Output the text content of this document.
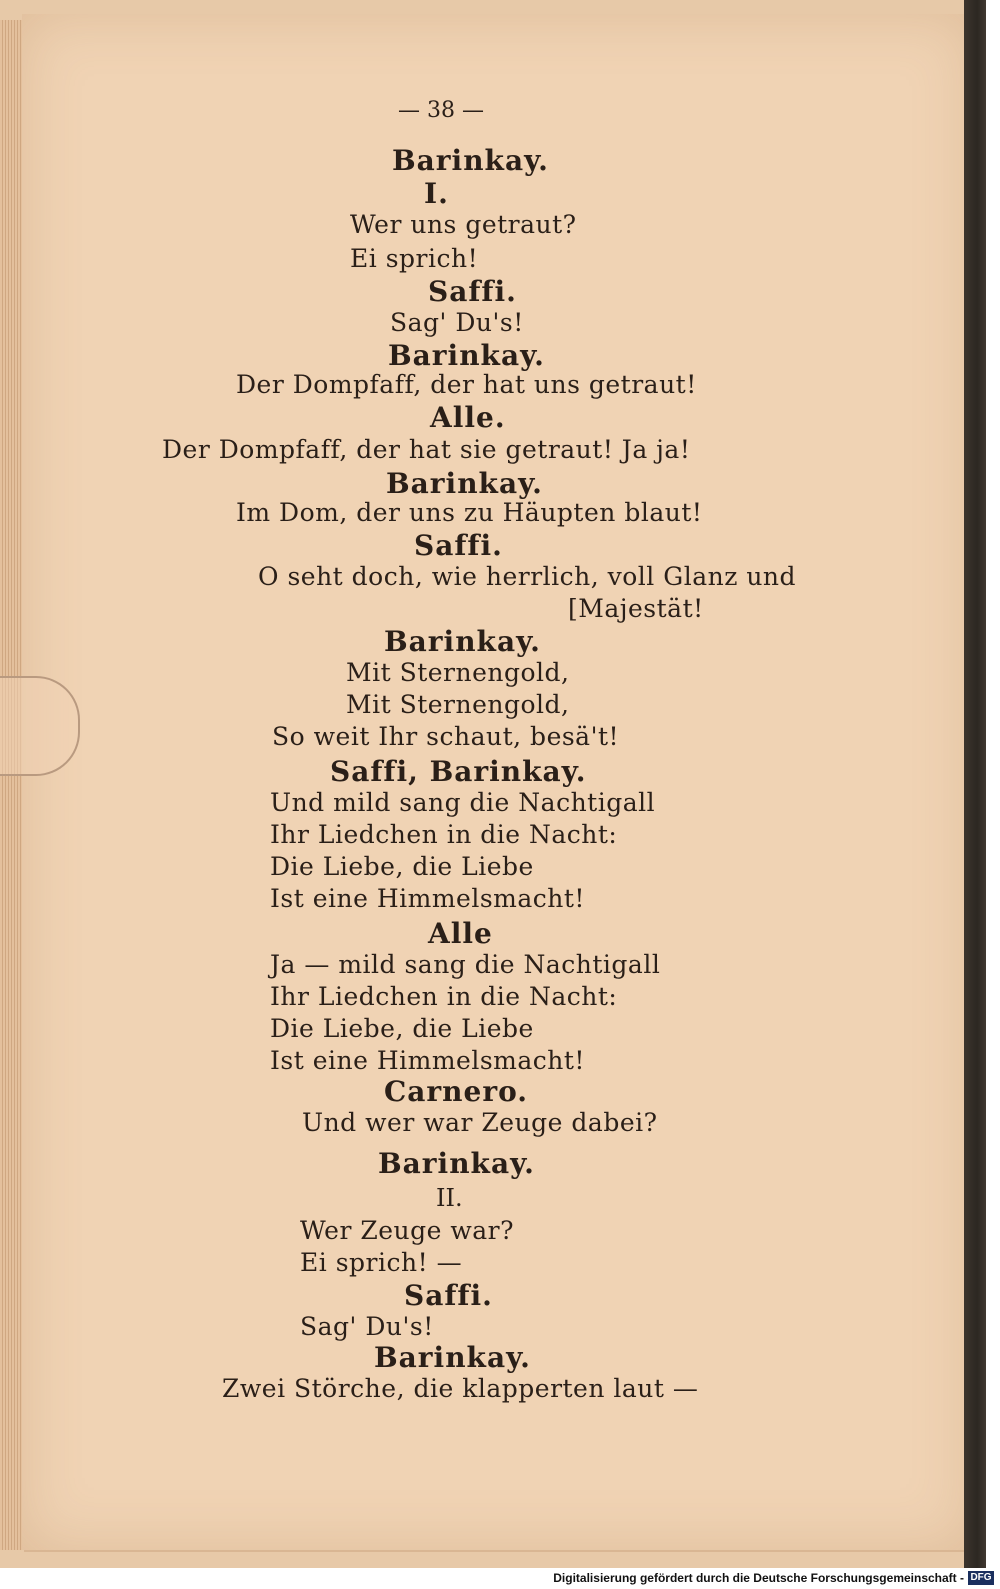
— 38 —
Barinkay.
I.
Wer uns getraut?
Ei sprich!
Saffi.
Sag' Du's!
Barinkay.
Der Dompfaff, der hat uns getraut!
Alle.
Der Dompfaff, der hat sie getraut! Ja ja!
Barinkay.
Im Dom, der uns zu Häupten blaut!
Saffi.
O seht doch, wie herrlich, voll Glanz und
[Majestät!
Barinkay.
Mit Sternengold,
Mit Sternengold,
So weit Ihr schaut, besä't!
Saffi, Barinkay.
Und mild sang die Nachtigall
Ihr Liedchen in die Nacht:
Die Liebe, die Liebe
Ist eine Himmelsmacht!
Alle
Ja — mild sang die Nachtigall
Ihr Liedchen in die Nacht:
Die Liebe, die Liebe
Ist eine Himmelsmacht!
Carnero.
Und wer war Zeuge dabei?
Barinkay.
II.
Wer Zeuge war?
Ei sprich! —
Saffi.
Sag' Du's!
Barinkay.
Zwei Störche, die klapperten laut —
Digitalisierung gefördert durch die Deutsche Forschungsgemeinschaft - DFG
